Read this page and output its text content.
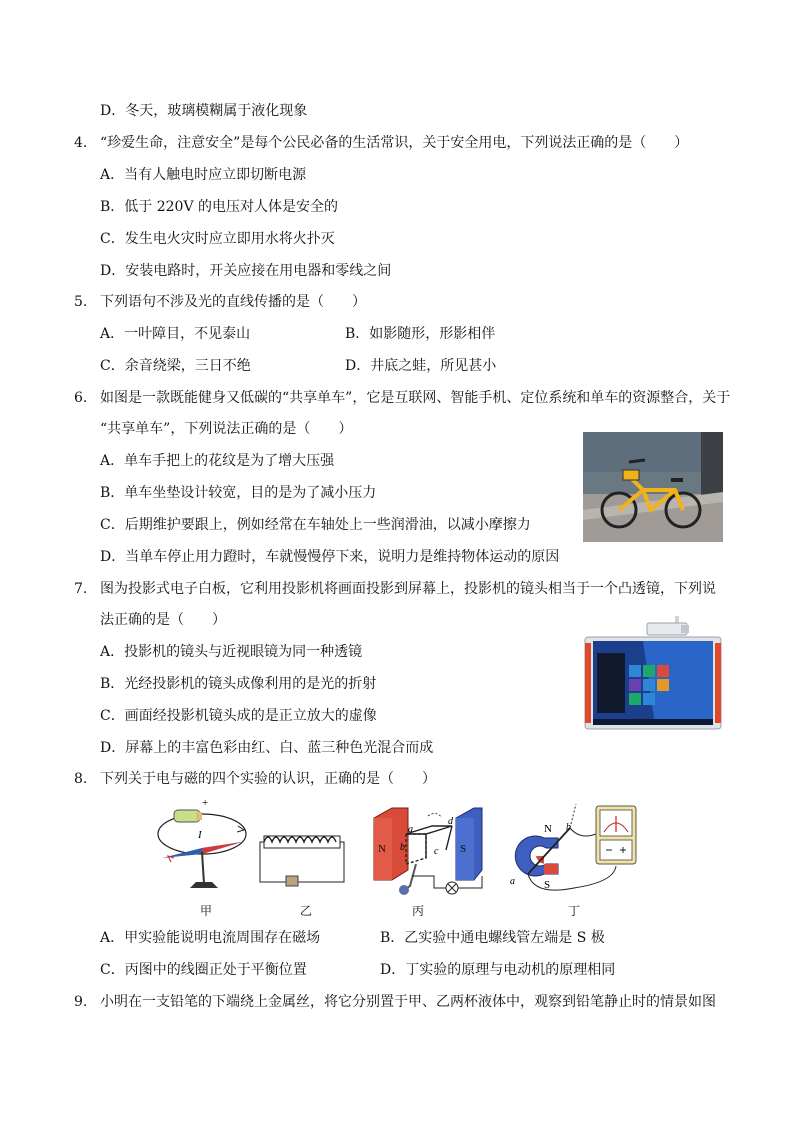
D．冬天，玻璃模糊属于液化现象
4. “珍爱生命，注意安全”是每个公民必备的生活常识，关于安全用电，下列说法正确的是（　　）
A．当有人触电时应立即切断电源
B．低于 220V 的电压对人体是安全的
C．发生电火灾时应立即用水将火扑灭
D．安装电路时，开关应接在用电器和零线之间
5. 下列语句不涉及光的直线传播的是（　　）
A．一叶障目，不见泰山	B．如影随形，形影相伴
C．余音绕梁，三日不绝	D．井底之蛙，所见甚小
6. 如图是一款既能健身又低碳的“共享单车”，它是互联网、智能手机、定位系统和单车的资源整合，关于
“共享单车”，下列说法正确的是（　　）
A．单车手把上的花纹是为了增大压强
B．单车坐垫设计较宽，目的是为了减小压力
C．后期维护要跟上，例如经常在车轴处上一些润滑油，以减小摩擦力
D．当单车停止用力蹬时，车就慢慢停下来，说明力是维持物体运动的原因
7. 图为投影式电子白板，它利用投影机将画面投影到屏幕上，投影机的镜头相当于一个凸透镜，下列说
法正确的是（　　）
A．投影机的镜头与近视眼镜为同一种透镜
B．光经投影机的镜头成像利用的是光的折射
C．画面经投影机镜头成的是正立放大的虚像
D．屏幕上的丰富色彩由红、白、蓝三种色光混合而成
8. 下列关于电与磁的四个实验的认识，正确的是（　　）
+
I
N	S
a
b	c
d
N
S
a
b
甲	乙	丙	丁
A．甲实验能说明电流周围存在磁场	B．乙实验中通电螺线管左端是 S 极
C．丙图中的线圈正处于平衡位置	D．丁实验的原理与电动机的原理相同
9. 小明在一支铅笔的下端绕上金属丝，将它分别置于甲、乙两杯液体中，观察到铅笔静止时的情景如图
